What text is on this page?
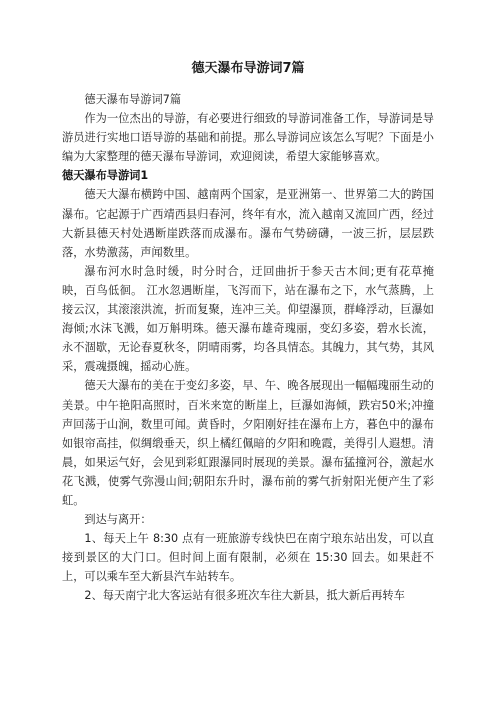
德天瀑布导游词7篇

德天瀑布导游词7篇

作为一位杰出的导游，有必要进行细致的导游词准备工作，导游词是导游员进行实地口语导游的基础和前提。那么导游词应该怎么写呢？下面是小编为大家整理的德天瀑布导游词，欢迎阅读，希望大家能够喜欢。

德天瀑布导游词1

德天大瀑布横跨中国、越南两个国家，是亚洲第一、世界第二大的跨国瀑布。它起源于广西靖西县归春河，终年有水，流入越南又流回广西，经过大新县德天村处遇断崖跌落而成瀑布。瀑布气势磅礴，一波三折，层层跌落，水势激荡，声闻数里。

瀑布河水时急时缓，时分时合，迂回曲折于参天古木间;更有花草掩映，百鸟低徊。 江水忽遇断崖，飞泻而下，站在瀑布之下，水气蒸腾，上接云汉，其滚滚洪流，折而复聚，连冲三关。仰望瀑顶，群峰浮动，巨瀑如海倾;水沫飞溅，如万斛明珠。德天瀑布雄奇瑰丽，变幻多姿，碧水长流，永不涸歇，无论春夏秋冬，阴晴雨雾，均各具情态。其魄力，其气势，其风采，震魂摄魄，摇动心旌。

德天大瀑布的美在于变幻多姿，早、午、晚各展现出一幅幅瑰丽生动的美景。中午艳阳高照时，百米来宽的断崖上，巨瀑如海倾，跌宕50米;冲撞声回荡于山涧，数里可闻。黄昏时，夕阳刚好挂在瀑布上方，暮色中的瀑布如银帘高挂，似绸缎垂天，织上橘红佩暗的夕阳和晚霞，美得引人遐想。清晨，如果运气好，会见到彩虹跟瀑同时展现的美景。瀑布猛撞河谷，激起水花飞溅，使雾气弥漫山间;朝阳东升时，瀑布前的雾气折射阳光便产生了彩虹。

到达与离开：

1、每天上午 8:30 点有一班旅游专线快巴在南宁琅东站出发，可以直接到景区的大门口。但时间上面有限制，必须在 15:30 回去。如果赶不上，可以乘车至大新县汽车站转车。

2、每天南宁北大客运站有很多班次车往大新县，抵大新后再转车
